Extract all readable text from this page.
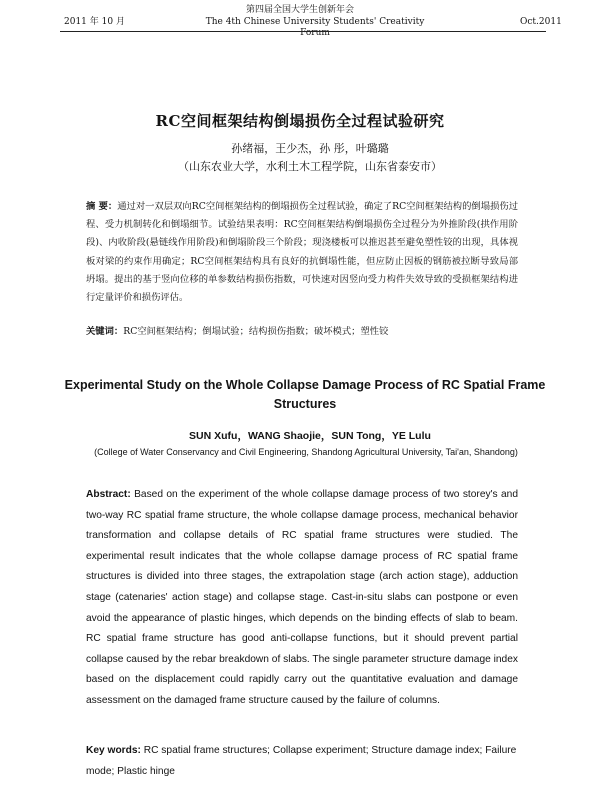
第四届全国大学生创新年会
2011 年 10 月	The 4th Chinese University Students' Creativity Forum
Oct.2011
RC空间框架结构倒塌损伤全过程试验研究
孙绪福，王少杰，孙 彤，叶璐璐
（山东农业大学，水利土木工程学院，山东省泰安市）
摘 要：通过对一双层双向RC空间框架结构的倒塌损伤全过程试验，确定了RC空间框架结构的倒塌损伤过程、受力机制转化和倒塌细节。试验结果表明：RC空间框架结构倒塌损伤全过程分为外推阶段(拱作用阶段)、内收阶段(悬链线作用阶段)和倒塌阶段三个阶段；现浇楼板可以推迟甚至避免塑性铰的出现，具体视板对梁的约束作用确定；RC空间框架结构具有良好的抗倒塌性能，但应防止因板的钢筋被拉断导致局部坍塌。提出的基于竖向位移的单参数结构损伤指数，可快速对因竖向受力构件失效导致的受损框架结构进行定量评价和损伤评估。
关键词：RC空间框架结构；倒塌试验；结构损伤指数；破坏模式；塑性铰
Experimental Study on the Whole Collapse Damage Process of RC Spatial Frame Structures
SUN Xufu，WANG Shaojie，SUN Tong，YE Lulu
(College of Water Conservancy and Civil Engineering, Shandong Agricultural University, Tai'an, Shandong)
Abstract: Based on the experiment of the whole collapse damage process of two storey's and two-way RC spatial frame structure, the whole collapse damage process, mechanical behavior transformation and collapse details of RC spatial frame structures were studied. The experimental result indicates that the whole collapse damage process of RC spatial frame structures is divided into three stages, the extrapolation stage (arch action stage), adduction stage (catenaries' action stage) and collapse stage. Cast-in-situ slabs can postpone or even avoid the appearance of plastic hinges, which depends on the binding effects of slab to beam. RC spatial frame structure has good anti-collapse functions, but it should prevent partial collapse caused by the rebar breakdown of slabs. The single parameter structure damage index based on the displacement could rapidly carry out the quantitative evaluation and damage assessment on the damaged frame structure caused by the failure of columns.
Key words: RC spatial frame structures; Collapse experiment; Structure damage index; Failure mode; Plastic hinge
